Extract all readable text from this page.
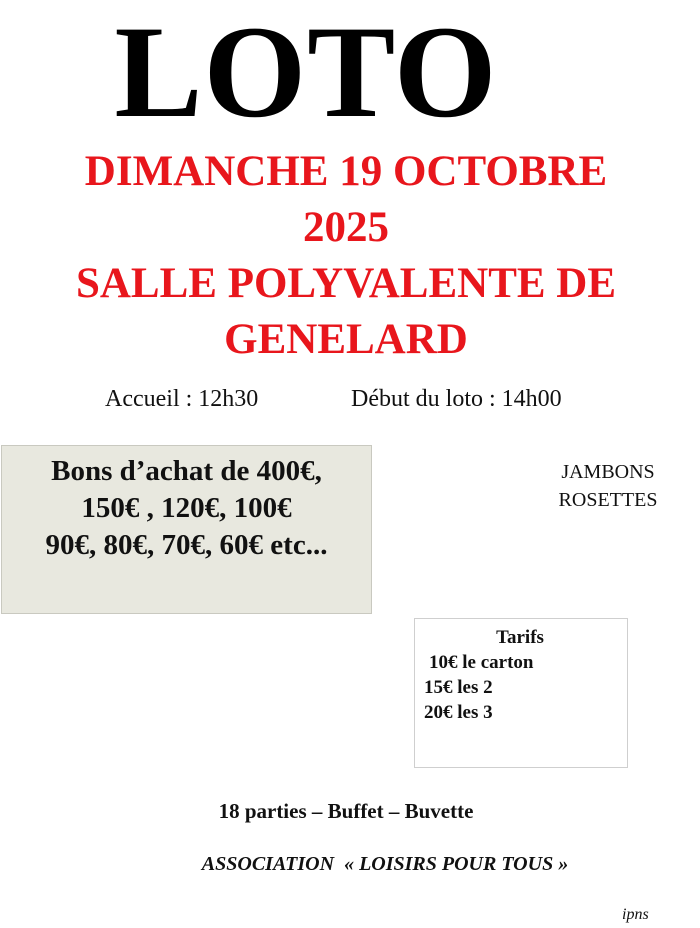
LOTO
DIMANCHE 19 OCTOBRE
2025
SALLE POLYVALENTE DE
GENELARD
Accueil : 12h30	Début du loto : 14h00
Bons d’achat de 400€,
150€ , 120€, 100€
90€, 80€, 70€, 60€ etc...
JAMBONS
ROSETTES
Tarifs
10€ le carton
15€ les 2
20€ les 3
18 parties – Buffet – Buvette
ASSOCIATION  « LOISIRS POUR TOUS »
ipns
